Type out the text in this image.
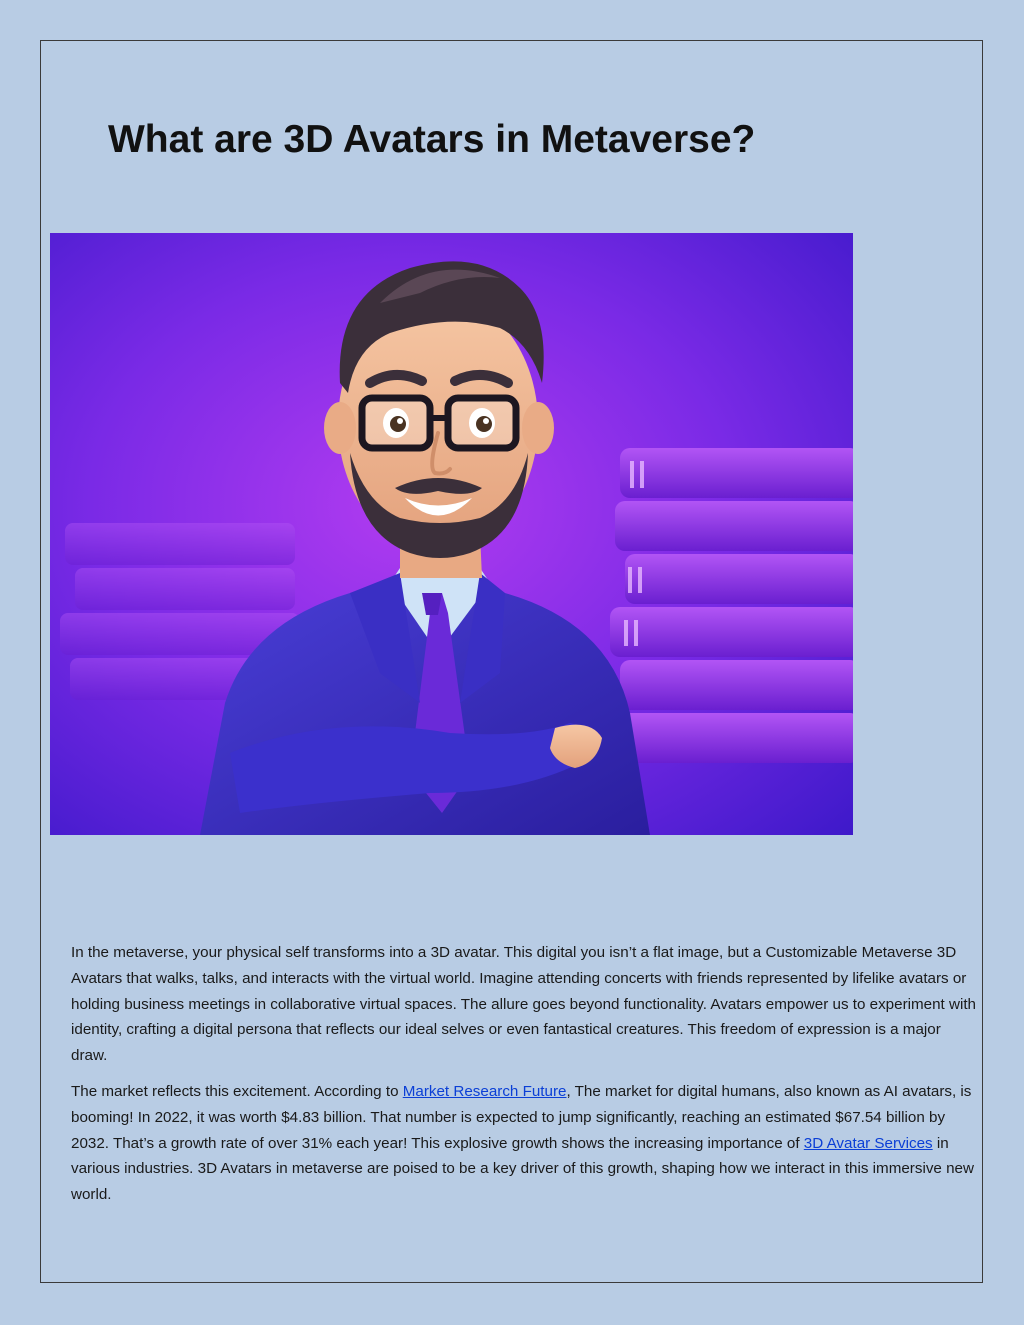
What are 3D Avatars in Metaverse?

In the metaverse, your physical self transforms into a 3D avatar. This digital you isn’t a flat image, but a Customizable Metaverse 3D Avatars that walks, talks, and interacts with the virtual world. Imagine attending concerts with friends represented by lifelike avatars or holding business meetings in collaborative virtual spaces. The allure goes beyond functionality. Avatars empower us to experiment with identity, crafting a digital persona that reflects our ideal selves or even fantastical creatures. This freedom of expression is a major draw.

The market reflects this excitement. According to Market Research Future, The market for digital humans, also known as AI avatars, is booming! In 2022, it was worth $4.83 billion. That number is expected to jump significantly, reaching an estimated $67.54 billion by 2032. That’s a growth rate of over 31% each year! This explosive growth shows the increasing importance of 3D Avatar Services in various industries. 3D Avatars in metaverse are poised to be a key driver of this growth, shaping how we interact in this immersive new world.
